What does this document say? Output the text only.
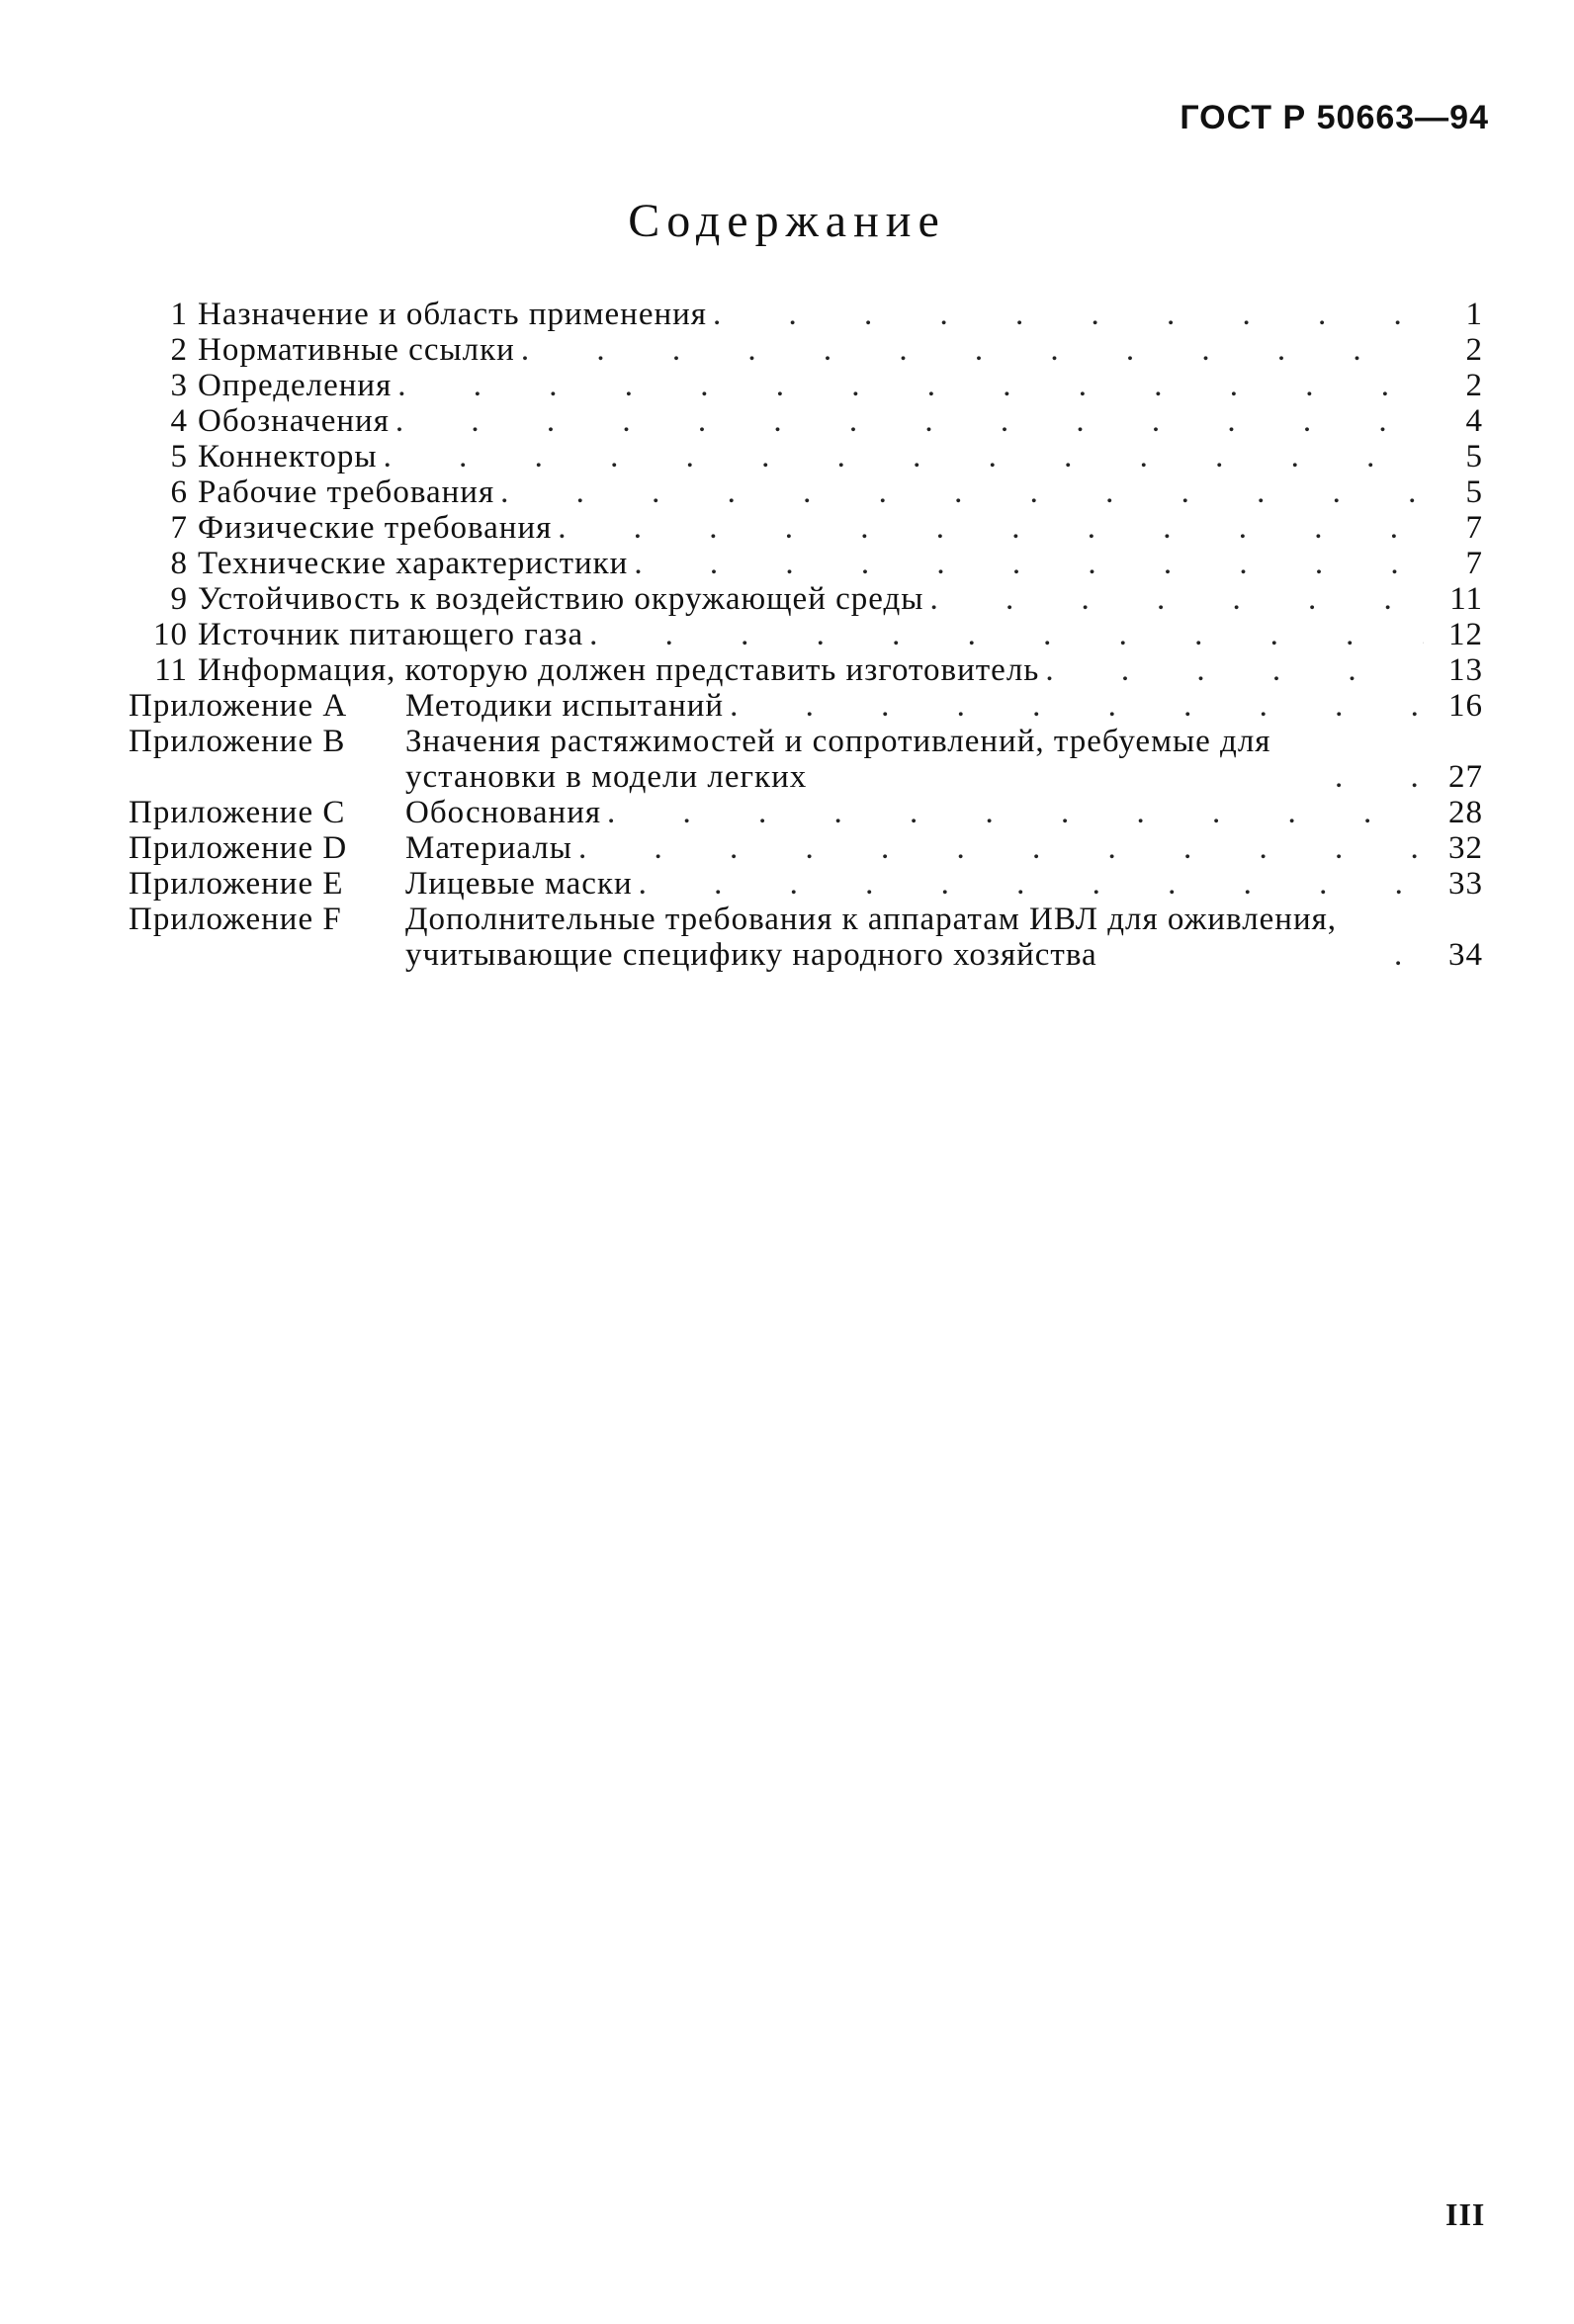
ГОСТ Р 50663—94
Содержание
1 Назначение и область применения . . .	1
2 Нормативные ссылки . . .	2
3 Определения . . .	2
4 Обозначения . . .	4
5 Коннекторы . . .	5
6 Рабочие требования . . .	5
7 Физические требования . . .	7
8 Технические характеристики . . .	7
9 Устойчивость к воздействию окружающей среды . . .	11
10 Источник питающего газа . . .	12
11 Информация, которую должен представить изготовитель . . .	13
Приложение А	Методики испытаний . . .	16
Приложение В	Значения растяжимостей и сопротивлений, требуемые для установки в модели легких . . .	27
Приложение С	Обоснования . . .	28
Приложение D	Материалы . . .	32
Приложение Е	Лицевые маски . . .	33
Приложение F	Дополнительные требования к аппаратам ИВЛ для оживления, учитывающие специфику народного хозяйства . . .	34
III
